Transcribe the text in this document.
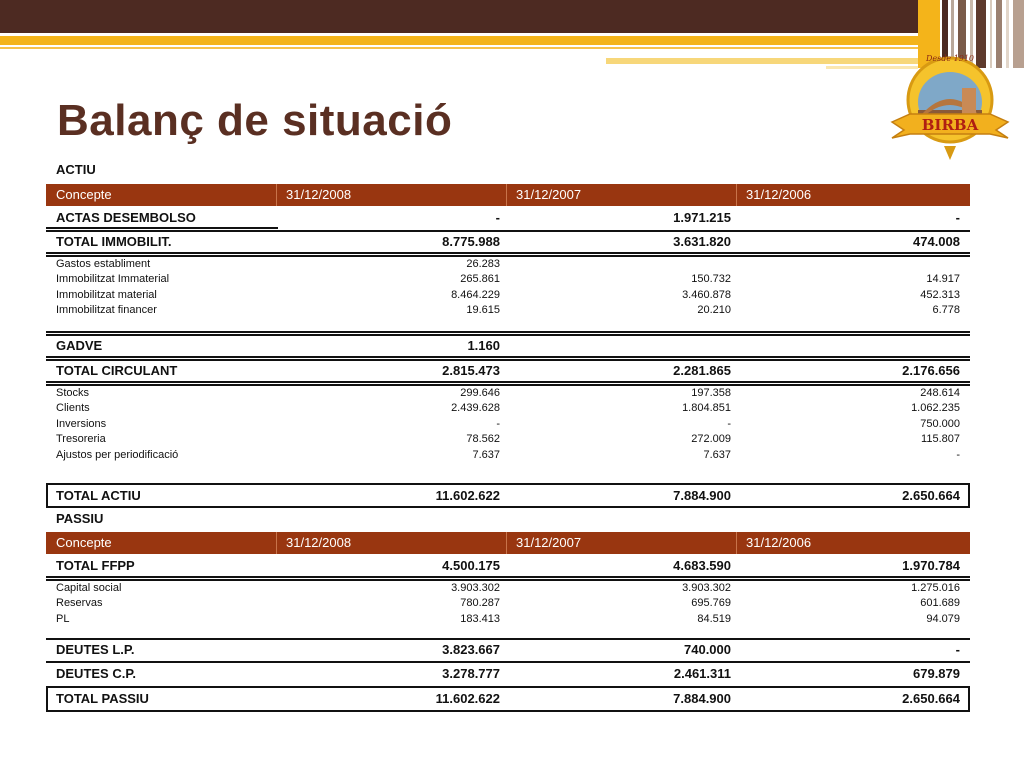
Balanç de situació	BIRBA
Desde 1910
ACTIU
Concepte	31/12/2008	31/12/2007	31/12/2006
ACTAS DESEMBOLSO	-	1.971.215	-
TOTAL IMMOBILIT.	8.775.988	3.631.820	474.008
Gastos establiment	26.283
Immobilitzat Immaterial	265.861	150.732	14.917
Immobilitzat material	8.464.229	3.460.878	452.313
Immobilitzat financer	19.615	20.210	6.778
GADVE	1.160
TOTAL CIRCULANT	2.815.473	2.281.865	2.176.656
Stocks	299.646	197.358	248.614
Clients	2.439.628	1.804.851	1.062.235
Inversions	-	-	750.000
Tresoreria	78.562	272.009	115.807
Ajustos per periodificació	7.637	7.637	-
TOTAL ACTIU	11.602.622	7.884.900	2.650.664
PASSIU
Concepte	31/12/2008	31/12/2007	31/12/2006
TOTAL FFPP	4.500.175	4.683.590	1.970.784
Capital social	3.903.302	3.903.302	1.275.016
Reservas	780.287	695.769	601.689
PL	183.413	84.519	94.079
DEUTES L.P.	3.823.667	740.000	-
DEUTES C.P.	3.278.777	2.461.311	679.879
TOTAL PASSIU	11.602.622	7.884.900	2.650.664
